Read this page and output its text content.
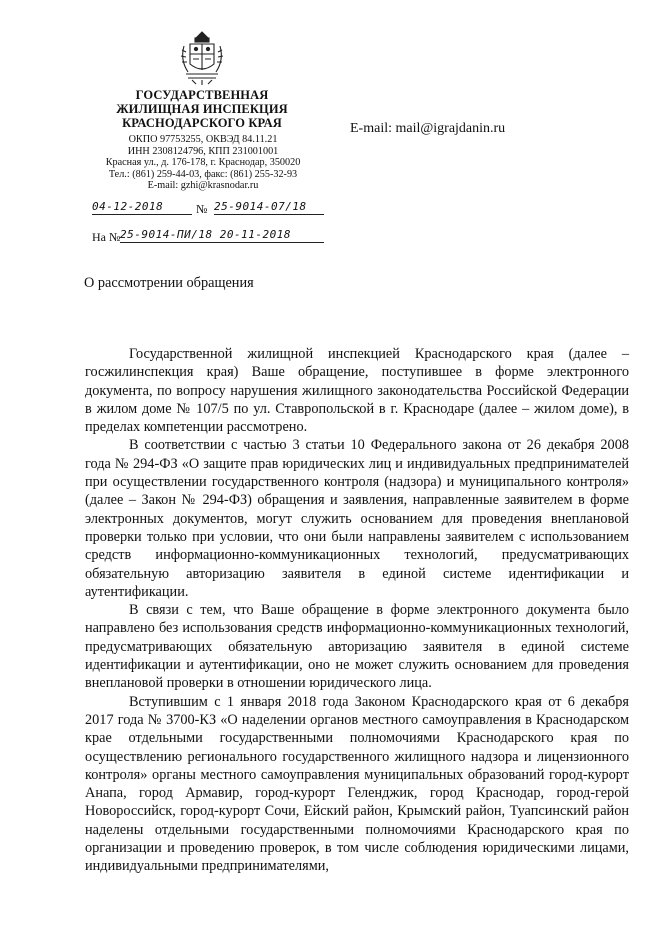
ГОСУДАРСТВЕННАЯ
ЖИЛИЩНАЯ ИНСПЕКЦИЯ
КРАСНОДАРСКОГО КРАЯ
ОКПО 97753255, ОКВЭД 84.11.21
ИНН 2308124796, КПП 231001001
Красная ул., д. 176-178, г. Краснодар, 350020
Тел.: (861) 259-44-03, факс: (861) 255-32-93
E-mail: gzhi@krasnodar.ru
E-mail: mail@igrajdanin.ru
04-12-2018	№ 25-9014-07/18
На № 25-9014-ПИ/18 20-11-2018
О рассмотрении обращения

Государственной жилищной инспекцией Краснодарского края (далее – госжилинспекция края) Ваше обращение, поступившее в форме электронного документа, по вопросу нарушения жилищного законодательства Российской Федерации в жилом доме № 107/5 по ул. Ставропольской в г. Краснодаре (далее – жилом доме), в пределах компетенции рассмотрено.

В соответствии с частью 3 статьи 10 Федерального закона от 26 декабря 2008 года № 294-ФЗ «О защите прав юридических лиц и индивидуальных предпринимателей при осуществлении государственного контроля (надзора) и муниципального контроля» (далее – Закон № 294-ФЗ) обращения и заявления, направленные заявителем в форме электронных документов, могут служить основанием для проведения внеплановой проверки только при условии, что они были направлены заявителем с использованием средств информационно-коммуникационных технологий, предусматривающих обязательную авторизацию заявителя в единой системе идентификации и аутентификации.

В связи с тем, что Ваше обращение в форме электронного документа было направлено без использования средств информационно-коммуникационных технологий, предусматривающих обязательную авторизацию заявителя в единой системе идентификации и аутентификации, оно не может служить основанием для проведения внеплановой проверки в отношении юридического лица.

Вступившим с 1 января 2018 года Законом Краснодарского края от 6 декабря 2017 года № 3700-КЗ «О наделении органов местного самоуправления в Краснодарском крае отдельными государственными полномочиями Краснодарского края по осуществлению регионального государственного жилищного надзора и лицензионного контроля» органы местного самоуправления муниципальных образований город-курорт Анапа, город Армавир, город-курорт Геленджик, город Краснодар, город-герой Новороссийск, город-курорт Сочи, Ейский район, Крымский район, Туапсинский район наделены отдельными государственными полномочиями Краснодарского края по организации и проведению проверок, в том числе соблюдения юридическими лицами, индивидуальными предпринимателями,
